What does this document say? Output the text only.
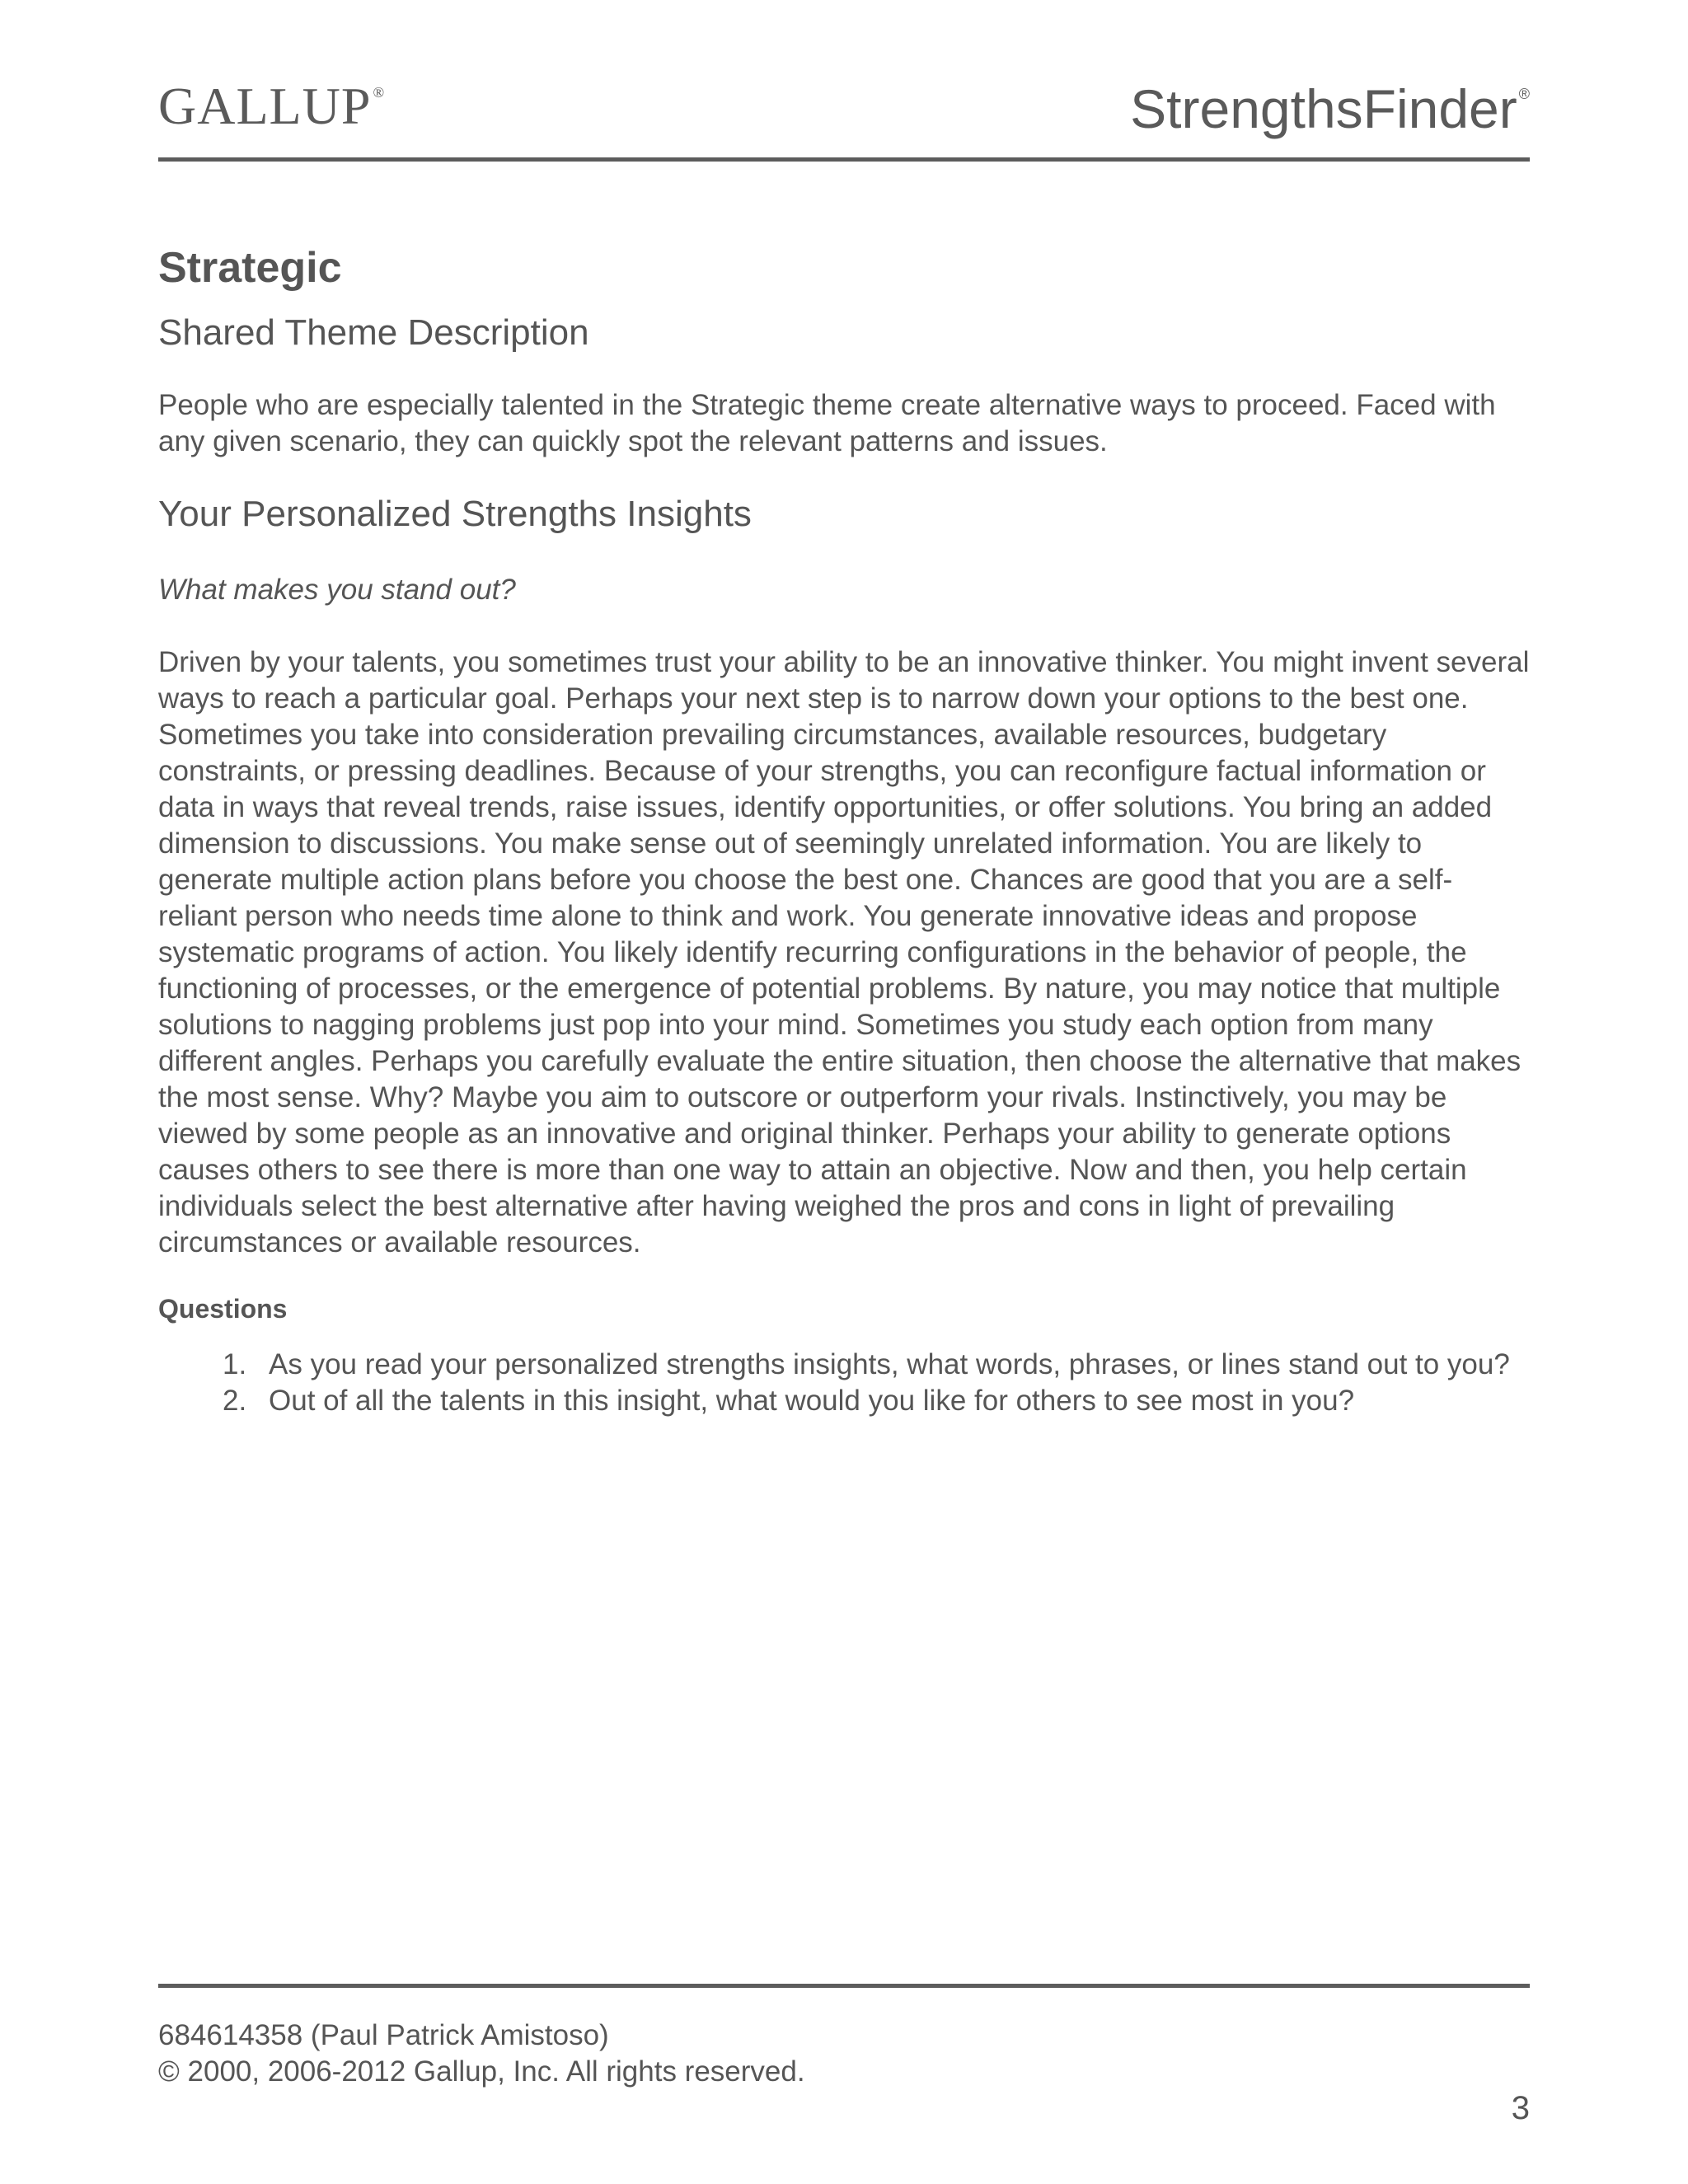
GALLUP ®	StrengthsFinder ®
Strategic
Shared Theme Description

People who are especially talented in the Strategic theme create alternative ways to proceed. Faced with any given scenario, they can quickly spot the relevant patterns and issues.

Your Personalized Strengths Insights

What makes you stand out?

Driven by your talents, you sometimes trust your ability to be an innovative thinker. You might invent several ways to reach a particular goal. Perhaps your next step is to narrow down your options to the best one. Sometimes you take into consideration prevailing circumstances, available resources, budgetary constraints, or pressing deadlines. Because of your strengths, you can reconfigure factual information or data in ways that reveal trends, raise issues, identify opportunities, or offer solutions. You bring an added dimension to discussions. You make sense out of seemingly unrelated information. You are likely to generate multiple action plans before you choose the best one. Chances are good that you are a self-reliant person who needs time alone to think and work. You generate innovative ideas and propose systematic programs of action. You likely identify recurring configurations in the behavior of people, the functioning of processes, or the emergence of potential problems. By nature, you may notice that multiple solutions to nagging problems just pop into your mind. Sometimes you study each option from many different angles. Perhaps you carefully evaluate the entire situation, then choose the alternative that makes the most sense. Why? Maybe you aim to outscore or outperform your rivals. Instinctively, you may be viewed by some people as an innovative and original thinker. Perhaps your ability to generate options causes others to see there is more than one way to attain an objective. Now and then, you help certain individuals select the best alternative after having weighed the pros and cons in light of prevailing circumstances or available resources.

Questions
1. As you read your personalized strengths insights, what words, phrases, or lines stand out to you?
2. Out of all the talents in this insight, what would you like for others to see most in you?
684614358 (Paul Patrick Amistoso)
© 2000, 2006-2012 Gallup, Inc. All rights reserved.
3
